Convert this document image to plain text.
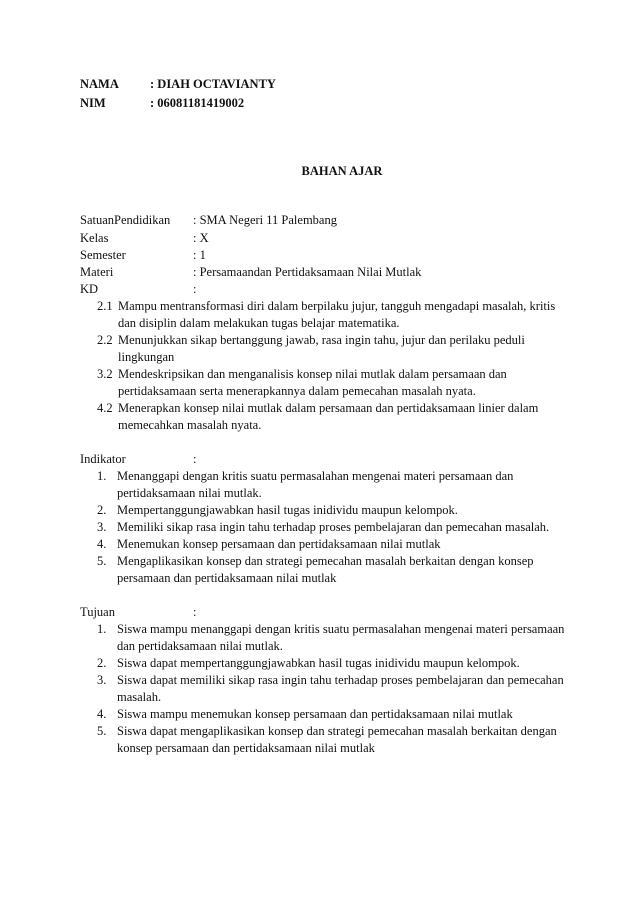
NAMA	: DIAH OCTAVIANTY
NIM	: 06081181419002
BAHAN AJAR
SatuanPendidikan : SMA Negeri 11 Palembang
Kelas	: X
Semester	: 1
Materi	: Persamaandan Pertidaksamaan Nilai Mutlak
KD	:
2.1 Mampu mentransformasi diri dalam berpilaku jujur, tangguh mengadapi masalah, kritis dan disiplin dalam melakukan tugas belajar matematika.
2.2 Menunjukkan sikap bertanggung jawab, rasa ingin tahu, jujur dan perilaku peduli lingkungan
3.2 Mendeskripsikan dan menganalisis konsep nilai mutlak dalam persamaan dan pertidaksamaan serta menerapkannya dalam pemecahan masalah nyata.
4.2 Menerapkan konsep nilai mutlak dalam persamaan dan pertidaksamaan linier dalam memecahkan masalah nyata.
Indikator	:
1. Menanggapi dengan kritis suatu permasalahan mengenai materi persamaan dan pertidaksamaan nilai mutlak.
2. Mempertanggungjawabkan hasil tugas inidividu maupun kelompok.
3. Memiliki sikap rasa ingin tahu terhadap proses pembelajaran dan pemecahan masalah.
4. Menemukan konsep persamaan dan pertidaksamaan nilai mutlak
5. Mengaplikasikan konsep dan strategi pemecahan masalah berkaitan dengan konsep persamaan dan pertidaksamaan nilai mutlak
Tujuan	:
1. Siswa mampu menanggapi dengan kritis suatu permasalahan mengenai materi persamaan dan pertidaksamaan nilai mutlak.
2. Siswa dapat mempertanggungjawabkan hasil tugas inidividu maupun kelompok.
3. Siswa dapat memiliki sikap rasa ingin tahu terhadap proses pembelajaran dan pemecahan masalah.
4. Siswa mampu menemukan konsep persamaan dan pertidaksamaan nilai mutlak
5. Siswa dapat mengaplikasikan konsep dan strategi pemecahan masalah berkaitan dengan konsep persamaan dan pertidaksamaan nilai mutlak
